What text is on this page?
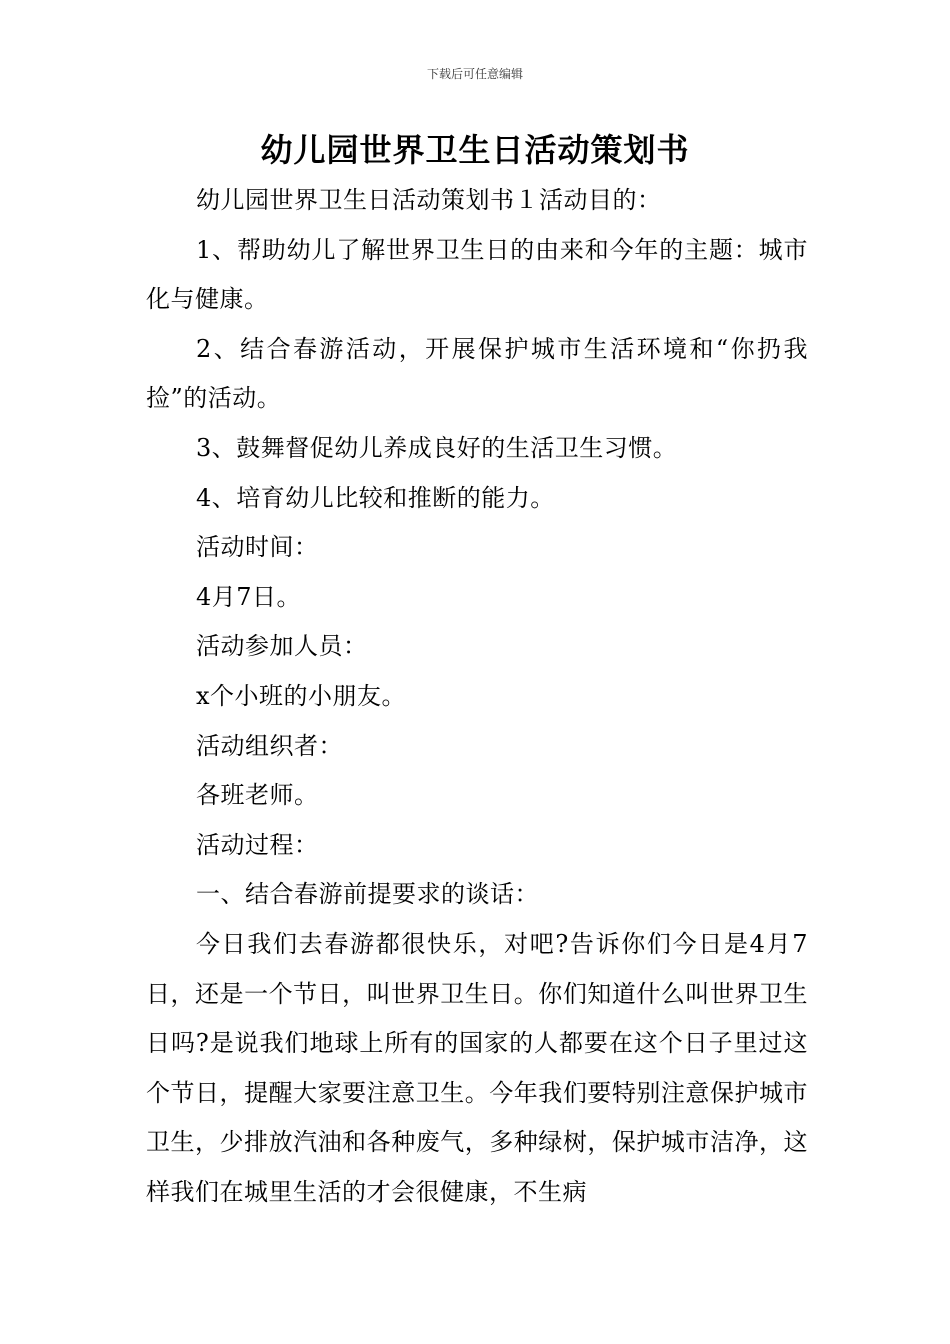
下载后可任意编辑
幼儿园世界卫生日活动策划书

幼儿园世界卫生日活动策划书１活动目的：

1、帮助幼儿了解世界卫生日的由来和今年的主题：城市化与健康。

2、结合春游活动，开展保护城市生活环境和“你扔我捡”的活动。

3、鼓舞督促幼儿养成良好的生活卫生习惯。

4、培育幼儿比较和推断的能力。

活动时间：

4月7日。

活动参加人员：

x个小班的小朋友。

活动组织者：

各班老师。

活动过程：

一、结合春游前提要求的谈话：

今日我们去春游都很快乐，对吧?告诉你们今日是4月7日，还是一个节日，叫世界卫生日。你们知道什么叫世界卫生日吗?是说我们地球上所有的国家的人都要在这个日子里过这个节日，提醒大家要注意卫生。今年我们要特别注意保护城市卫生，少排放汽油和各种废气，多种绿树，保护城市洁净，这样我们在城里生活的才会很健康，不生病
